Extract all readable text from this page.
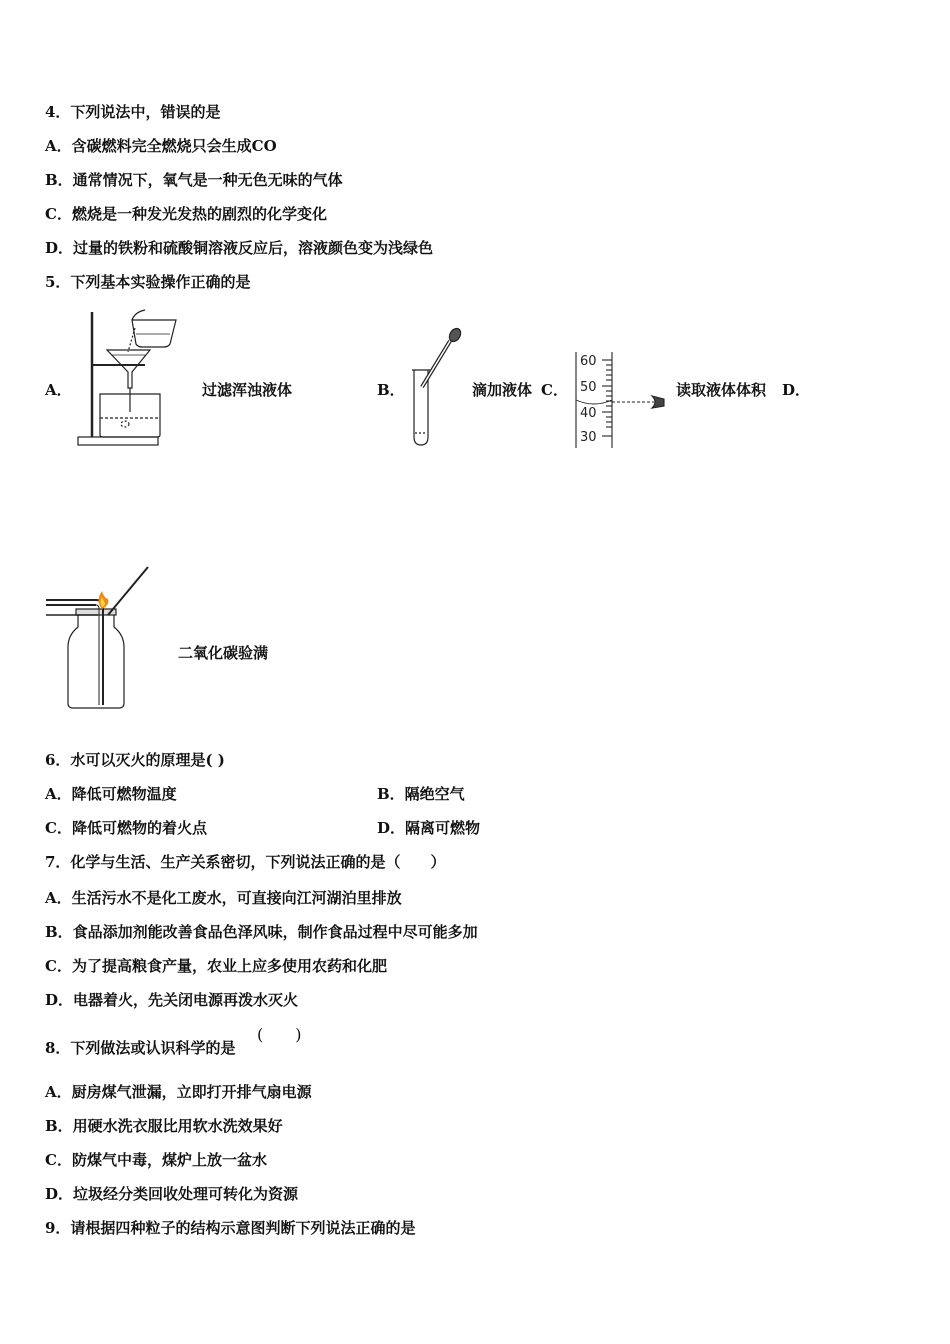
4．下列说法中，错误的是
A．含碳燃料完全燃烧只会生成CO
B．通常情况下，氧气是一种无色无味的气体
C．燃烧是一种发光发热的剧烈的化学变化
D．过量的铁粉和硫酸铜溶液反应后，溶液颜色变为浅绿色
5．下列基本实验操作正确的是
A．	过滤浑浊液体	B．	滴加液体 C．
60
50
40
30
读取液体体积 D．
二氧化碳验满
6．水可以灭火的原理是( )
A．降低可燃物温度	B．隔绝空气
C．降低可燃物的着火点	D．隔离可燃物
7．化学与生活、生产关系密切，下列说法正确的是（　　）
A．生活污水不是化工废水，可直接向江河湖泊里排放
B．食品添加剂能改善食品色泽风味，制作食品过程中尽可能多加
C．为了提高粮食产量，农业上应多使用农药和化肥
D．电器着火，先关闭电源再泼水灭火
8．下列做法或认识科学的是
(　　)
A．厨房煤气泄漏，立即打开排气扇电源
B．用硬水洗衣服比用软水洗效果好
C．防煤气中毒，煤炉上放一盆水
D．垃圾经分类回收处理可转化为资源
9．请根据四种粒子的结构示意图判断下列说法正确的是
